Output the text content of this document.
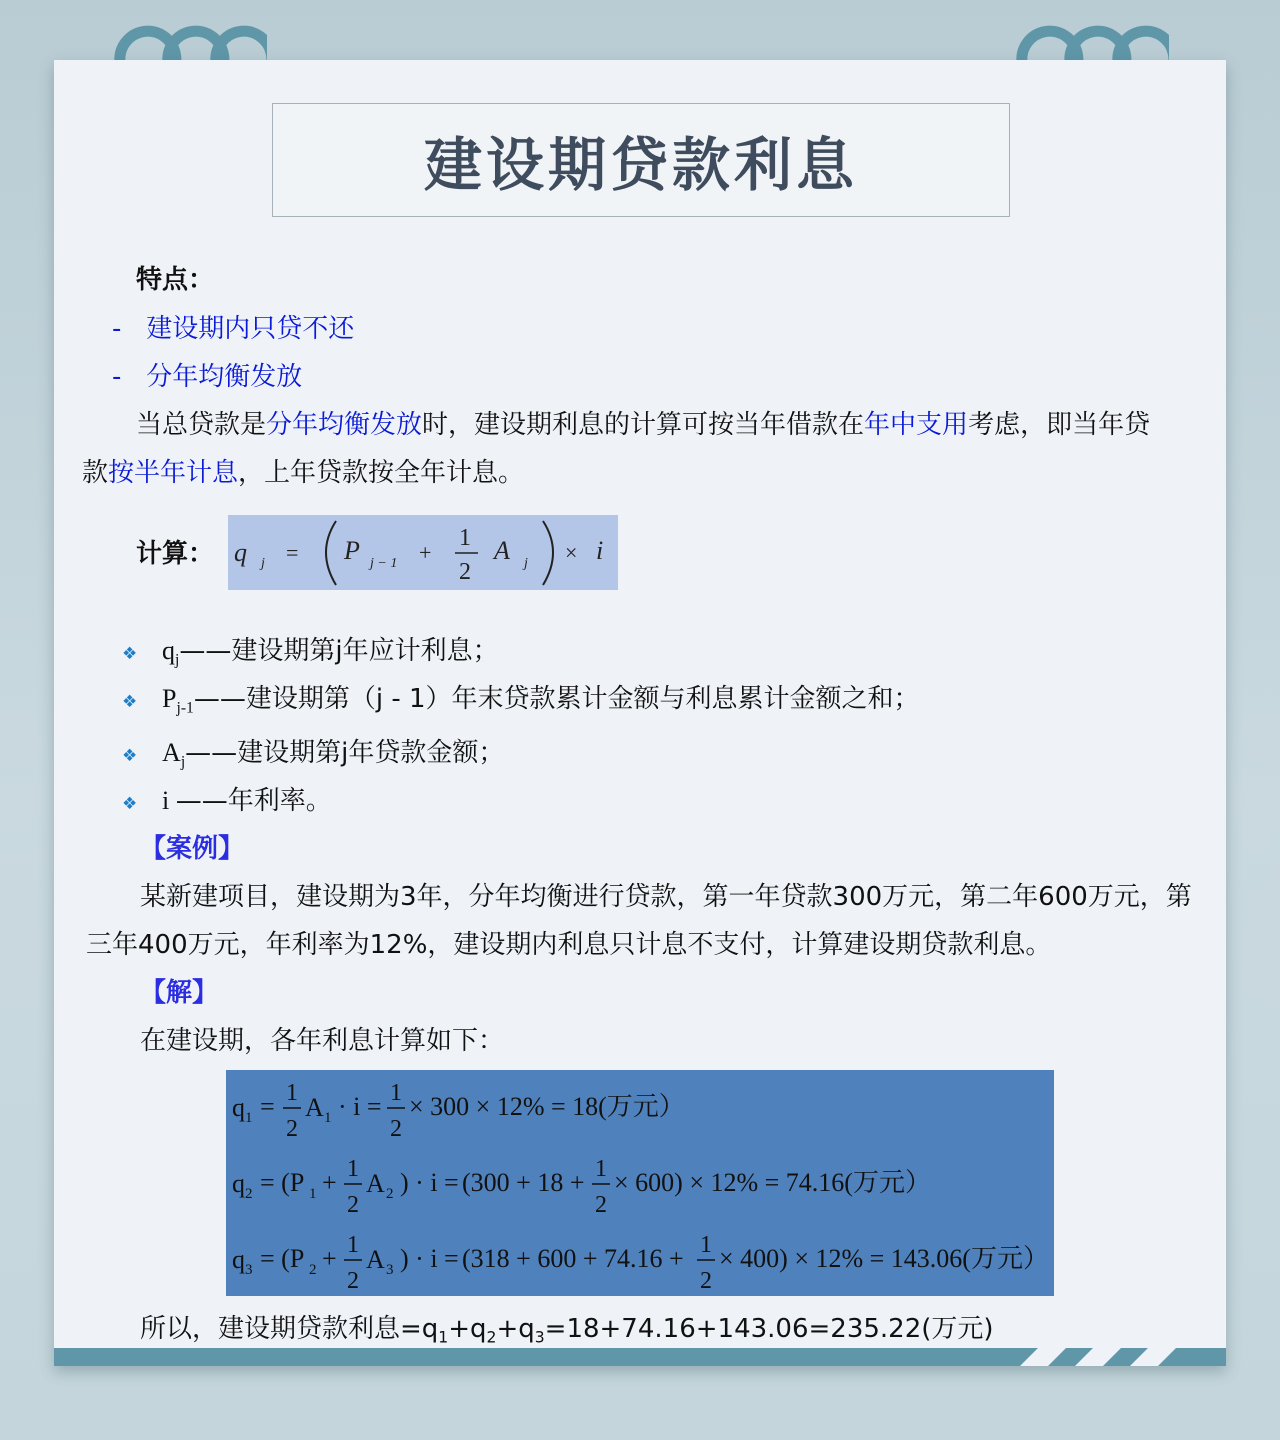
建设期贷款利息
特点：
- 建设期内只贷不还
- 分年均衡发放
当总贷款是分年均衡发放时，建设期利息的计算可按当年借款在年中支用考虑，即当年贷
款按半年计息，上年贷款按全年计息。
计算： q j = P j − 1 +
1
2
A j × i
❖ $q_j——$建设期第j年应计利息；
❖ $P_{j-1}——$建设期第（j - 1）年末贷款累计金额与利息累计金额之和；
❖ $A_j——$建设期第j年贷款金额；
❖ i ——年利率。
【案例】
某新建项目，建设期为3年，分年均衡进行贷款，第一年贷款300万元，第二年600万元，第
三年400万元，年利率为12%，建设期内利息只计息不支付，计算建设期贷款利息。
【解】
在建设期，各年利息计算如下：
q 1 = 1
2
A 1 · i = 1
2
× 300 × 12% = 18(万元）
q 2 = (P 1 + 1
2
A 2 ) · i = (300 + 18 + 1
2
× 600) × 12% = 74.16(万元）
q 3 = (P 2 + 1
2
A 3 ) · i = (318 + 600 + 74.16 + 1
2
× 400) × 12% = 143.06(万元）
所以，建设期贷款利息$=q_1+q_2+q_3=18+74.16+143.06=235.22$(万元)
